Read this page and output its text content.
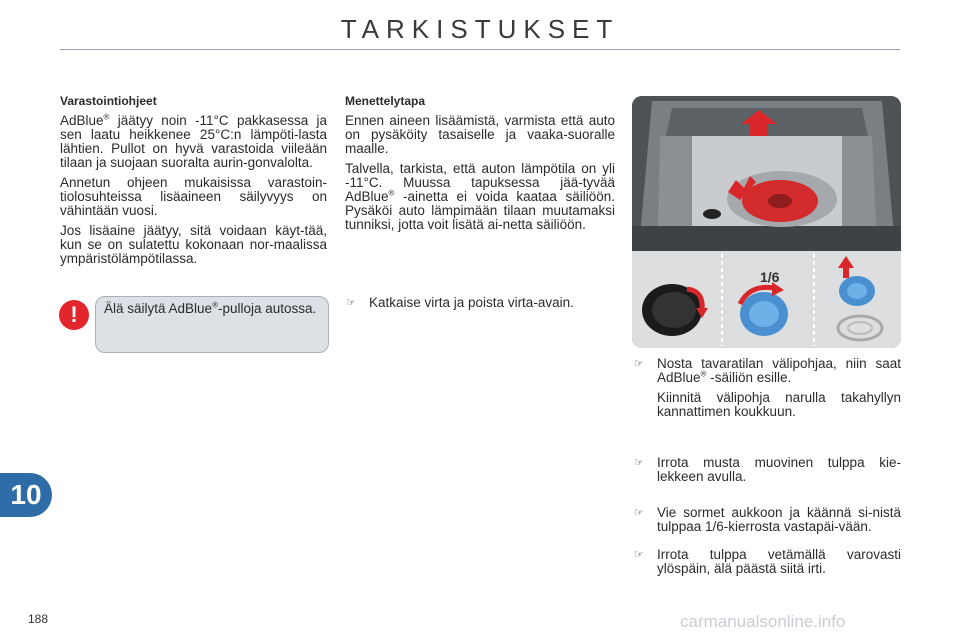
TARKISTUKSET
Varastointiohjeet

AdBlue® jäätyy noin -11°C pakkasessa ja sen laatu heikkenee 25°C:n lämpöti-lasta lähtien. Pullot on hyvä varastoida viileään tilaan ja suojaan suoralta aurin-gonvalolta.

Annetun ohjeen mukaisissa varastoin-tiolosuhteissa lisäaineen säilyvyys on vähintään vuosi.

Jos lisäaine jäätyy, sitä voidaan käyt-tää, kun se on sulatettu kokonaan nor-maalissa ympäristölämpötilassa.

!	Älä säilytä AdBlue®-pulloja autossa.
Menettelytapa

Ennen aineen lisäämistä, varmista että auto on pysäköity tasaiselle ja vaaka-suoralle maalle.

Talvella, tarkista, että auton lämpötila on yli -11°C. Muussa tapuksessa jää-tyvää AdBlue® -ainetta ei voida kaataa säiliöön. Pysäköi auto lämpimään tilaan muutamaksi tunniksi, jotta voit lisätä ai-netta säiliöön.

☞ Katkaise virta ja poista virta-avain.
1/6
☞ Nosta tavaratilan välipohjaa, niin saat AdBlue® -säiliön esille.

Kiinnitä välipohja narulla takahyllyn kannattimen koukkuun.

☞ Irrota musta muovinen tulppa kie-lekkeen avulla.
☞ Vie sormet aukkoon ja käännä si-nistä tulppaa 1/6-kierrosta vastapäi-vään.
☞ Irrota tulppa vetämällä varovasti ylöspäin, älä päästä siitä irti.
10
188	carmanualsonline.info
